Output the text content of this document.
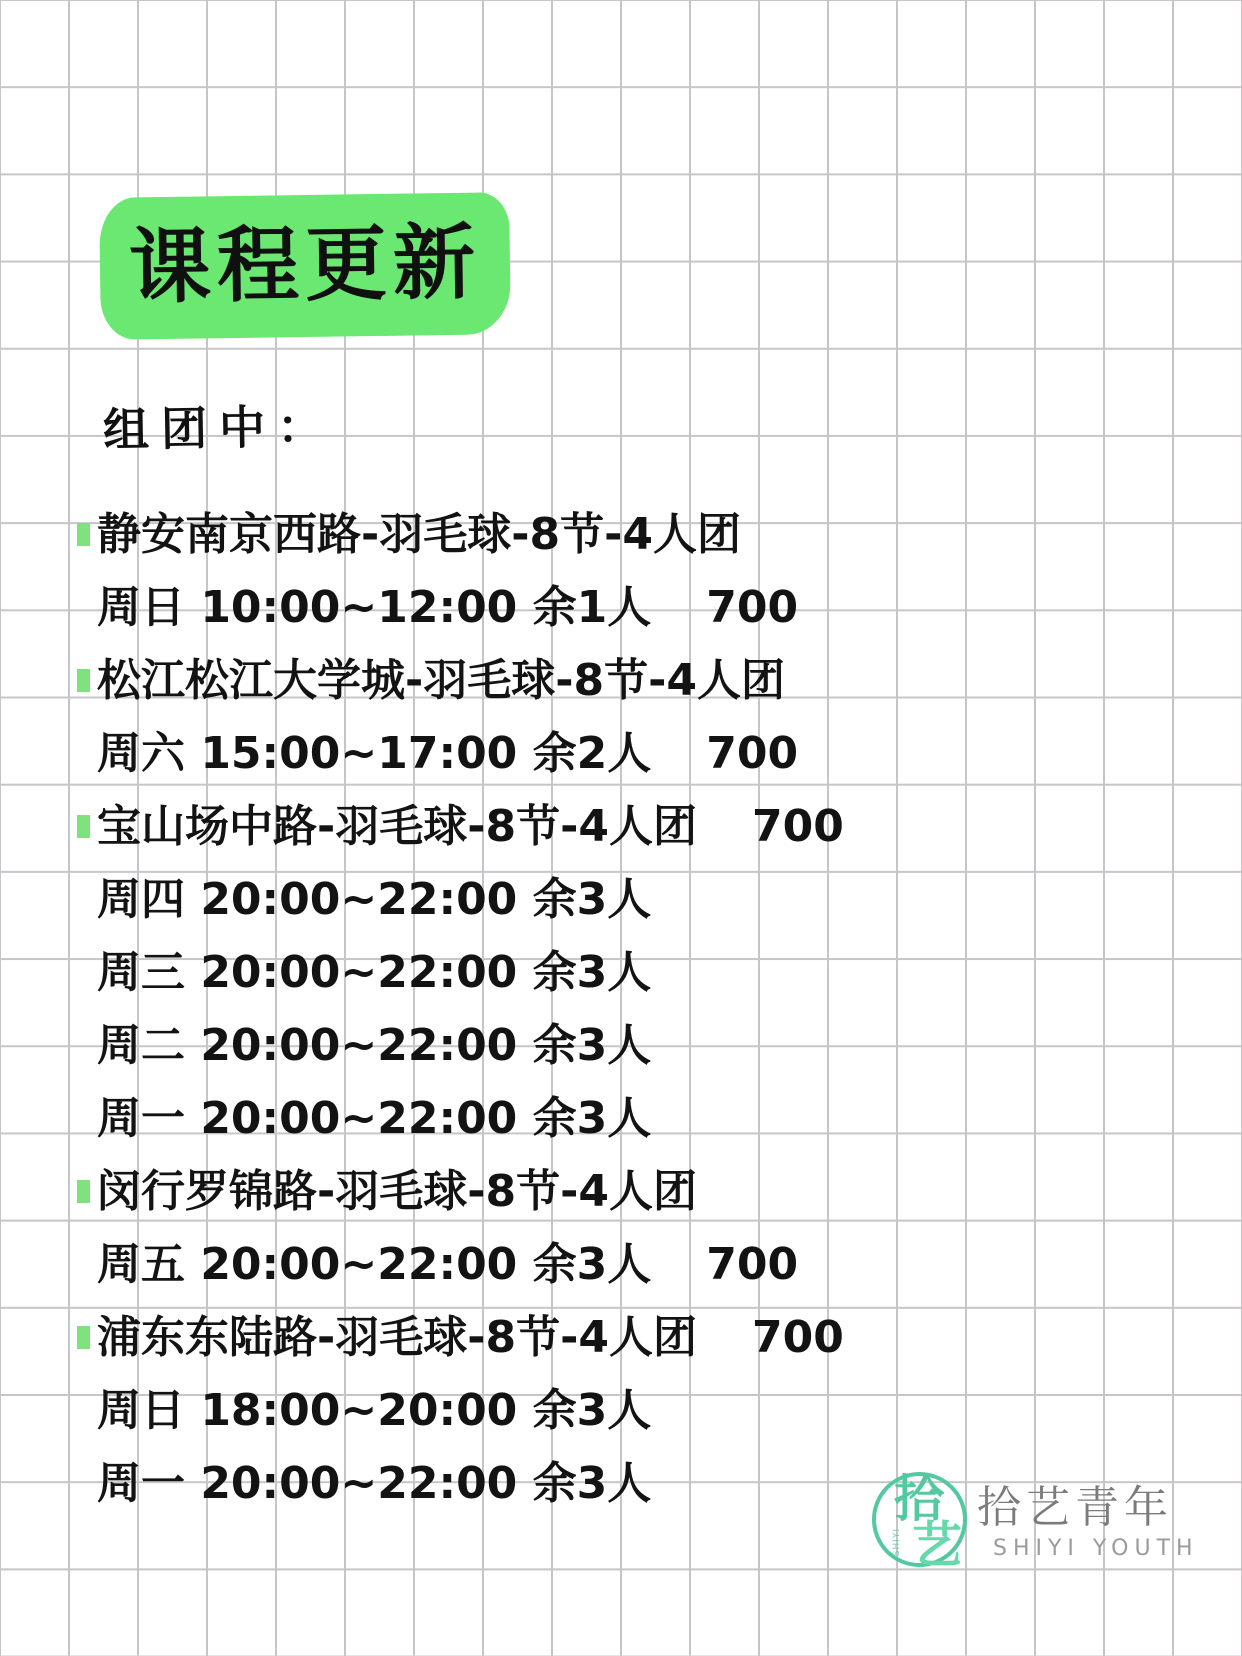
课程更新
组团中：
静安南京西路-羽毛球-8节-4人团
周日 10:00~12:00 余1人 700
松江松江大学城-羽毛球-8节-4人团
周六 15:00~17:00 余2人 700
宝山场中路-羽毛球-8节-4人团 700
周四 20:00~22:00 余3人
周三 20:00~22:00 余3人
周二 20:00~22:00 余3人
周一 20:00~22:00 余3人
闵行罗锦路-羽毛球-8节-4人团
周五 20:00~22:00 余3人 700
浦东东陆路-羽毛球-8节-4人团 700
周日 18:00~20:00 余3人
周一 20:00~22:00 余3人	拾
艺
SHIYI
拾艺青年
SHIYI YOUTH
